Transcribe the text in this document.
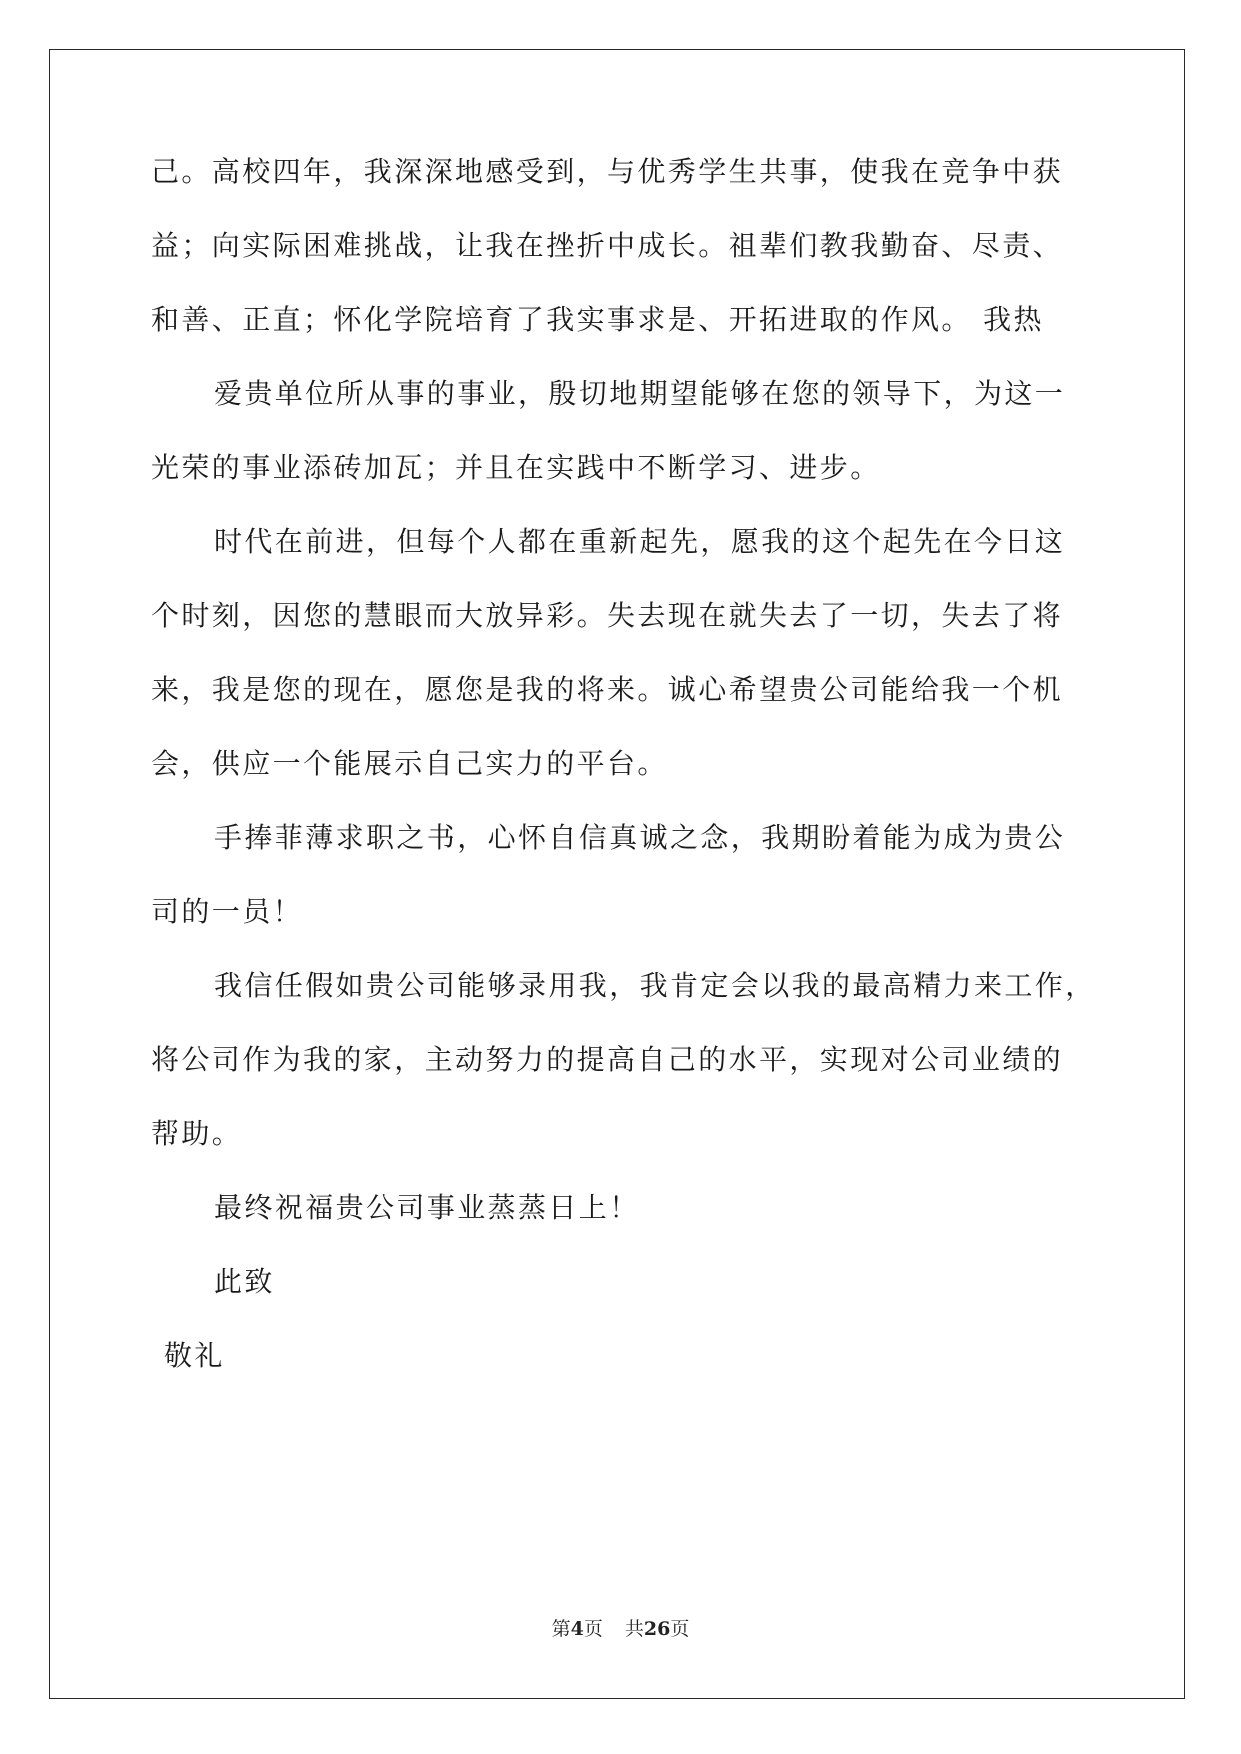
己。高校四年，我深深地感受到，与优秀学生共事，使我在竞争中获
益；向实际困难挑战，让我在挫折中成长。祖辈们教我勤奋、尽责、
和善、正直；怀化学院培育了我实事求是、开拓进取的作风。 我热
爱贵单位所从事的事业，殷切地期望能够在您的领导下，为这一
光荣的事业添砖加瓦；并且在实践中不断学习、进步。
时代在前进，但每个人都在重新起先，愿我的这个起先在今日这
个时刻，因您的慧眼而大放异彩。失去现在就失去了一切，失去了将
来，我是您的现在，愿您是我的将来。诚心希望贵公司能给我一个机
会，供应一个能展示自己实力的平台。
手捧菲薄求职之书，心怀自信真诚之念，我期盼着能为成为贵公
司的一员！
我信任假如贵公司能够录用我，我肯定会以我的最高精力来工作，
将公司作为我的家，主动努力的提高自己的水平，实现对公司业绩的
帮助。
最终祝福贵公司事业蒸蒸日上！
此致
敬礼
第4页 共26页
